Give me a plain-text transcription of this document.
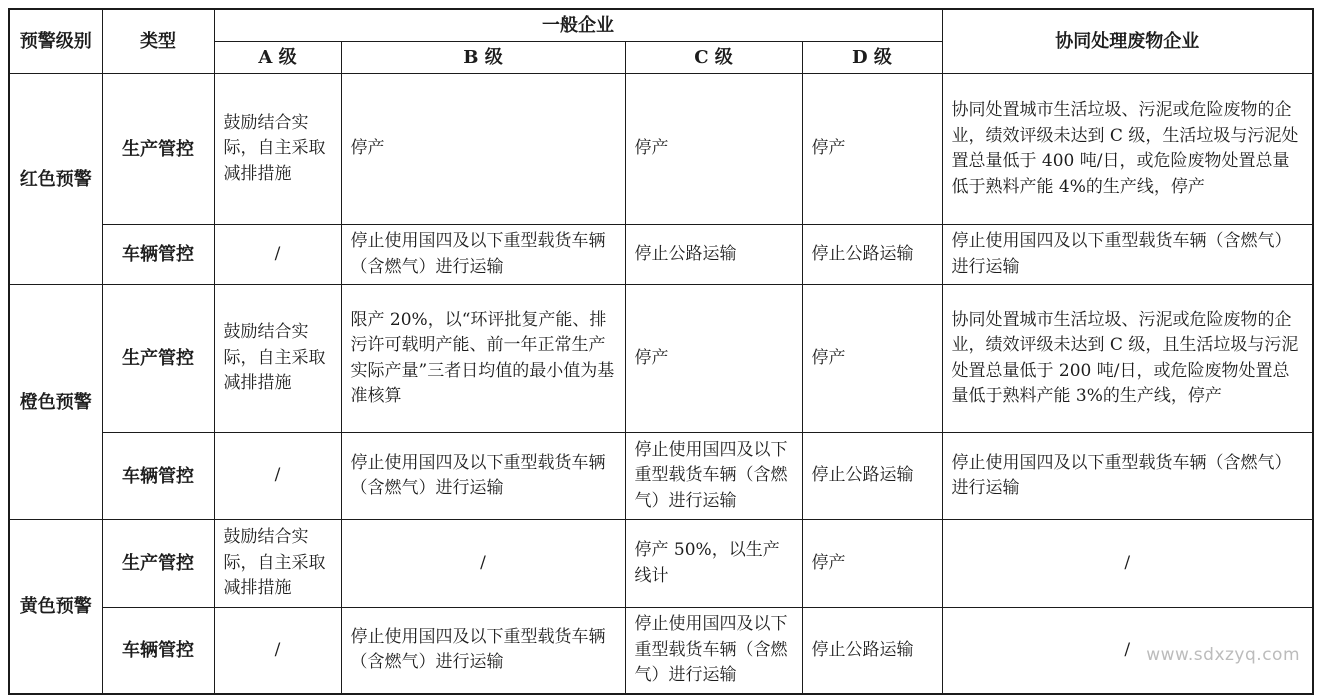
预警级别	类型	一般企业				协同处理废物企业
		A 级	B 级	C 级	D 级	
红色预警	生产管控	鼓励结合实际，自主采取减排措施	停产	停产	停产	协同处置城市生活垃圾、污泥或危险废物的企业，绩效评级未达到 C 级，生活垃圾与污泥处置总量低于 400 吨/日，或危险废物处置总量低于熟料产能 4%的生产线，停产
	车辆管控	/	停止使用国四及以下重型载货车辆（含燃气）进行运输	停止公路运输	停止公路运输	停止使用国四及以下重型载货车辆（含燃气）进行运输
橙色预警	生产管控	鼓励结合实际，自主采取减排措施	限产 20%，以“环评批复产能、排污许可载明产能、前一年正常生产实际产量”三者日均值的最小值为基准核算	停产	停产	协同处置城市生活垃圾、污泥或危险废物的企业，绩效评级未达到 C 级，且生活垃圾与污泥处置总量低于 200 吨/日，或危险废物处置总量低于熟料产能 3%的生产线，停产
	车辆管控	/	停止使用国四及以下重型载货车辆（含燃气）进行运输	停止使用国四及以下重型载货车辆（含燃气）进行运输	停止公路运输	停止使用国四及以下重型载货车辆（含燃气）进行运输
黄色预警	生产管控	鼓励结合实际，自主采取减排措施	/	停产 50%，以生产线计	停产	/
	车辆管控	/	停止使用国四及以下重型载货车辆（含燃气）进行运输	停止使用国四及以下重型载货车辆（含燃气）进行运输	停止公路运输	/ www.sdxzyq.com
